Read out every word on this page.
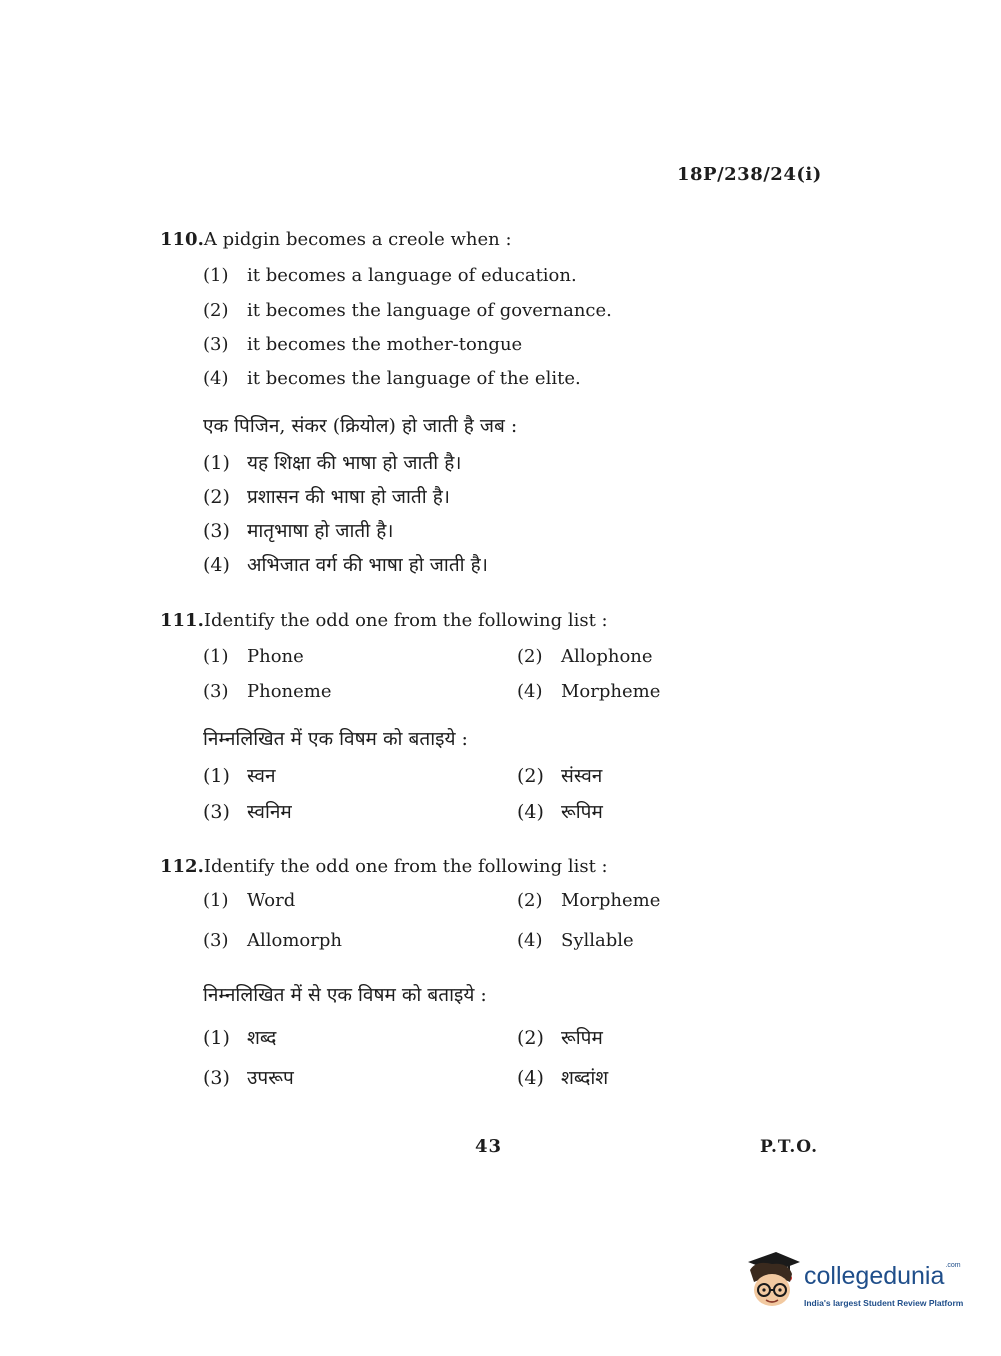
18P/238/24(i)
110.A pidgin becomes a creole when :
(1) it becomes a language of education.
(2) it becomes the language of governance.
(3) it becomes the mother-tongue
(4) it becomes the language of the elite.
एक पिजिन, संकर (क्रियोल) हो जाती है जब :
(1) यह शिक्षा की भाषा हो जाती है।
(2) प्रशासन की भाषा हो जाती है।
(3) मातृभाषा हो जाती है।
(4) अभिजात वर्ग की भाषा हो जाती है।
111.Identify the odd one from the following list :
(1) Phone	(2) Allophone
(3) Phoneme	(4) Morpheme
निम्नलिखित में एक विषम को बताइये :
(1) स्वन	(2) संस्वन
(3) स्वनिम	(4) रूपिम
112.Identify the odd one from the following list :
(1) Word	(2) Morpheme
(3) Allomorph	(4) Syllable
निम्नलिखित में से एक विषम को बताइये :
(1) शब्द	(2) रूपिम
(3) उपरूप	(4) शब्दांश
43	P.T.O.
collegedunia$^{.com}$
India's largest Student Review Platform
